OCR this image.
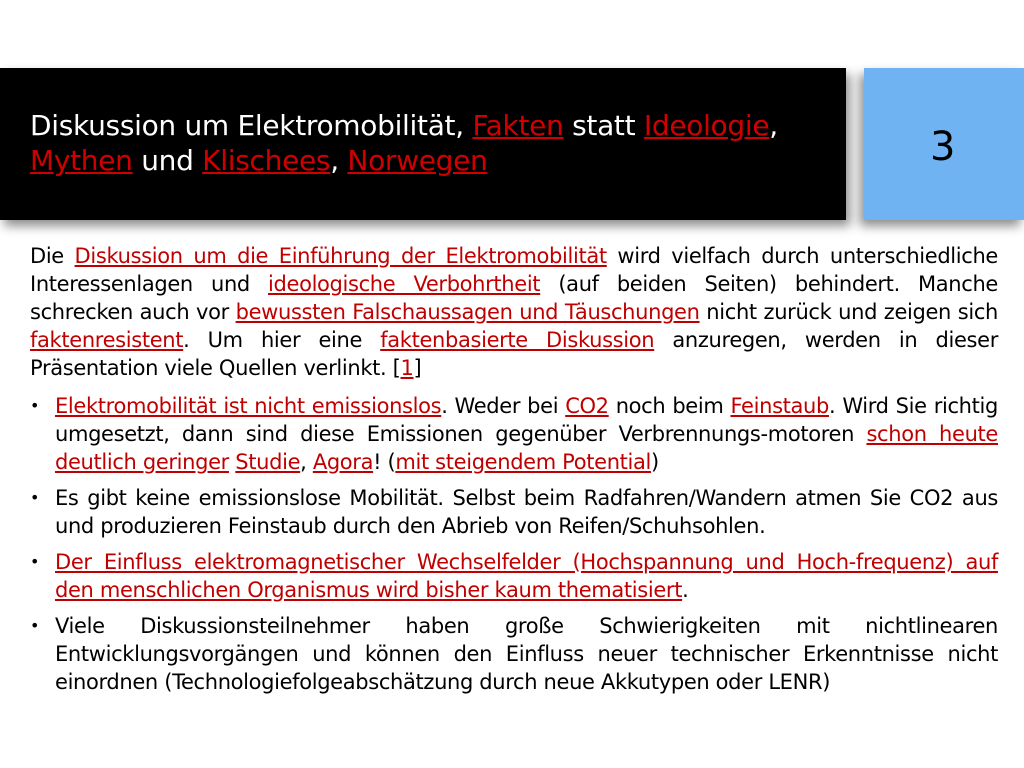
Diskussion um Elektromobilität, Fakten statt Ideologie, Mythen und Klischees, Norwegen	3

Die Diskussion um die Einführung der Elektromobilität wird vielfach durch unterschiedliche Interessenlagen und ideologische Verbohrtheit (auf beiden Seiten) behindert. Manche schrecken auch vor bewussten Falschaussagen und Täuschungen nicht zurück und zeigen sich faktenresistent. Um hier eine faktenbasierte Diskussion anzuregen, werden in dieser Präsentation viele Quellen verlinkt. [1]

• Elektromobilität ist nicht emissionslos. Weder bei CO2 noch beim Feinstaub. Wird Sie richtig umgesetzt, dann sind diese Emissionen gegenüber Verbrennungs-motoren schon heute deutlich geringer Studie, Agora! (mit steigendem Potential)
• Es gibt keine emissionslose Mobilität. Selbst beim Radfahren/Wandern atmen Sie CO2 aus und produzieren Feinstaub durch den Abrieb von Reifen/Schuhsohlen.
• Der Einfluss elektromagnetischer Wechselfelder (Hochspannung und Hoch-frequenz) auf den menschlichen Organismus wird bisher kaum thematisiert.
• Viele Diskussionsteilnehmer haben große Schwierigkeiten mit nichtlinearen Entwicklungsvorgängen und können den Einfluss neuer technischer Erkenntnisse nicht einordnen (Technologiefolgeabschätzung durch neue Akkutypen oder LENR)
